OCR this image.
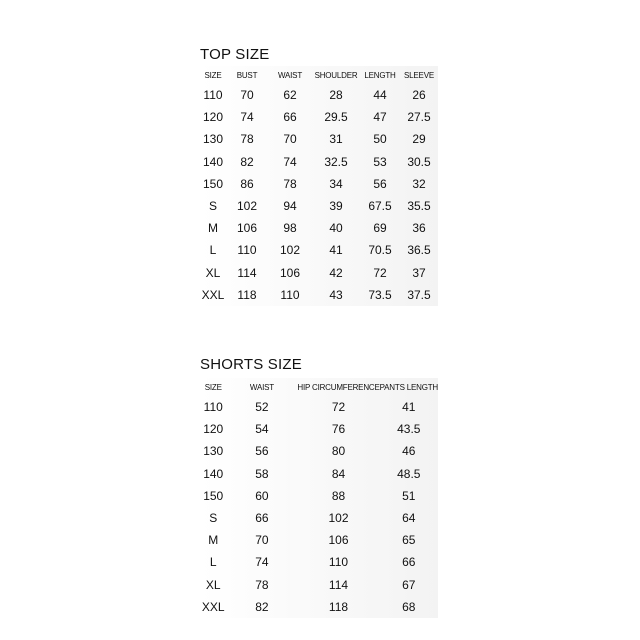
TOP SIZE
SIZE	BUST	WAIST	SHOULDER	LENGTH	SLEEVE
110	70	62	28	44	26
120	74	66	29.5	47	27.5
130	78	70	31	50	29
140	82	74	32.5	53	30.5
150	86	78	34	56	32
S	102	94	39	67.5	35.5
M	106	98	40	69	36
L	110	102	41	70.5	36.5
XL	114	106	42	72	37
XXL	118	110	43	73.5	37.5
SHORTS SIZE
SIZE	WAIST	HIP CIRCUMFERENCE	PANTS LENGTH
110	52	72	41
120	54	76	43.5
130	56	80	46
140	58	84	48.5
150	60	88	51
S	66	102	64
M	70	106	65
L	74	110	66
XL	78	114	67
XXL	82	118	68
